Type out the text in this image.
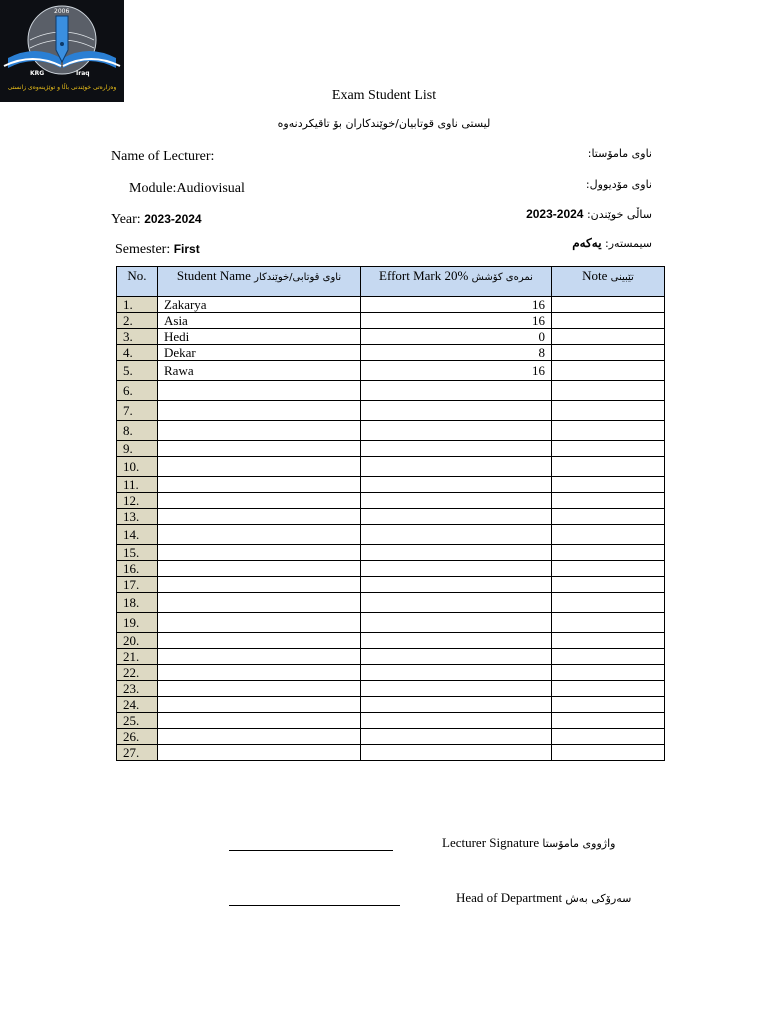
2006
KRG	Iraq
وەزارەتی خوێندنی باڵا و توێژینەوەی زانستی
Exam Student List
لیستی ناوی قوتابیان/خوێندکاران بۆ تاقیکردنەوە
Name of Lecturer:
Module:Audiovisual
Year: 2023-2024
Semester: First
:ناوی مامۆستا
:ناوی مۆدیوول
ساڵی خوێندن: 2024-2023
سیمستەر: یەکەم
No.	Student Name ناوی قوتابی/خوێندکار	Effort Mark 20% نمرەی کۆشش	Note تێبینی
1.	Zakarya	16	
2.	Asia	16	
3.	Hedi	0	
4.	Dekar	8	
5.	Rawa	16	
6.			
7.			
8.			
9.			
10.			
11.			
12.			
13.			
14.			
15.			
16.			
17.			
18.			
19.			
20.			
21.			
22.			
23.			
24.			
25.			
26.			
27.			
Lecturer Signature واژووی مامۆستا
Head of Department سەرۆکی بەش
